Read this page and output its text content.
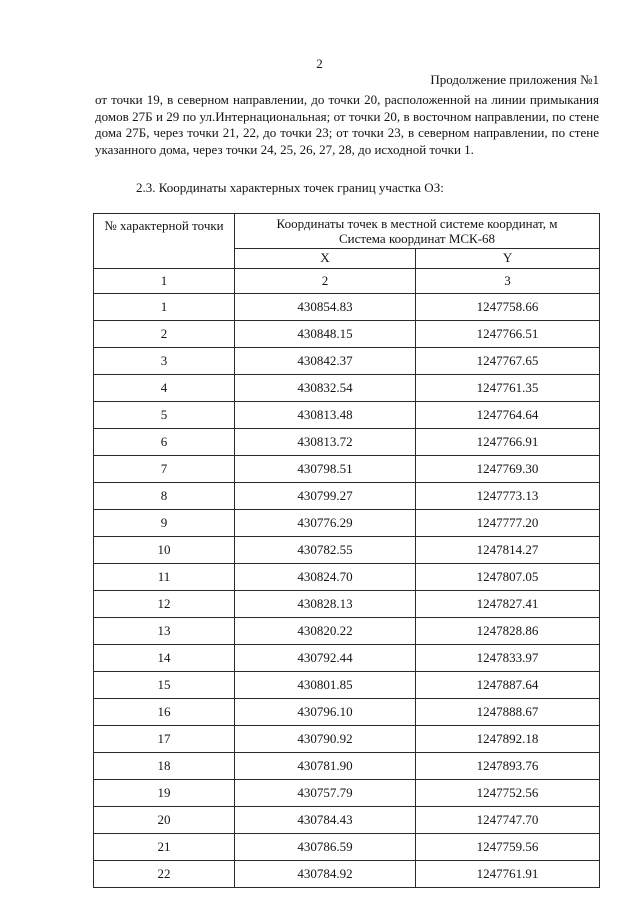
2
Продолжение приложения №1

от точки 19, в северном направлении, до точки 20, расположенной на линии примыкания домов 27Б и 29 по ул.Интернациональная; от точки 20, в восточном направлении, по стене дома 27Б, через точки 21, 22, до точки 23; от точки 23, в северном направлении, по стене указанного дома, через точки 24, 25, 26, 27, 28, до исходной точки 1.

2.3. Координаты характерных точек границ участка ОЗ:
№ характерной точки	Координаты точек в местной системе координат, м
Система координат МСК-68	
	X	Y
1	2	3
1	430854.83	1247758.66
2	430848.15	1247766.51
3	430842.37	1247767.65
4	430832.54	1247761.35
5	430813.48	1247764.64
6	430813.72	1247766.91
7	430798.51	1247769.30
8	430799.27	1247773.13
9	430776.29	1247777.20
10	430782.55	1247814.27
11	430824.70	1247807.05
12	430828.13	1247827.41
13	430820.22	1247828.86
14	430792.44	1247833.97
15	430801.85	1247887.64
16	430796.10	1247888.67
17	430790.92	1247892.18
18	430781.90	1247893.76
19	430757.79	1247752.56
20	430784.43	1247747.70
21	430786.59	1247759.56
22	430784.92	1247761.91
